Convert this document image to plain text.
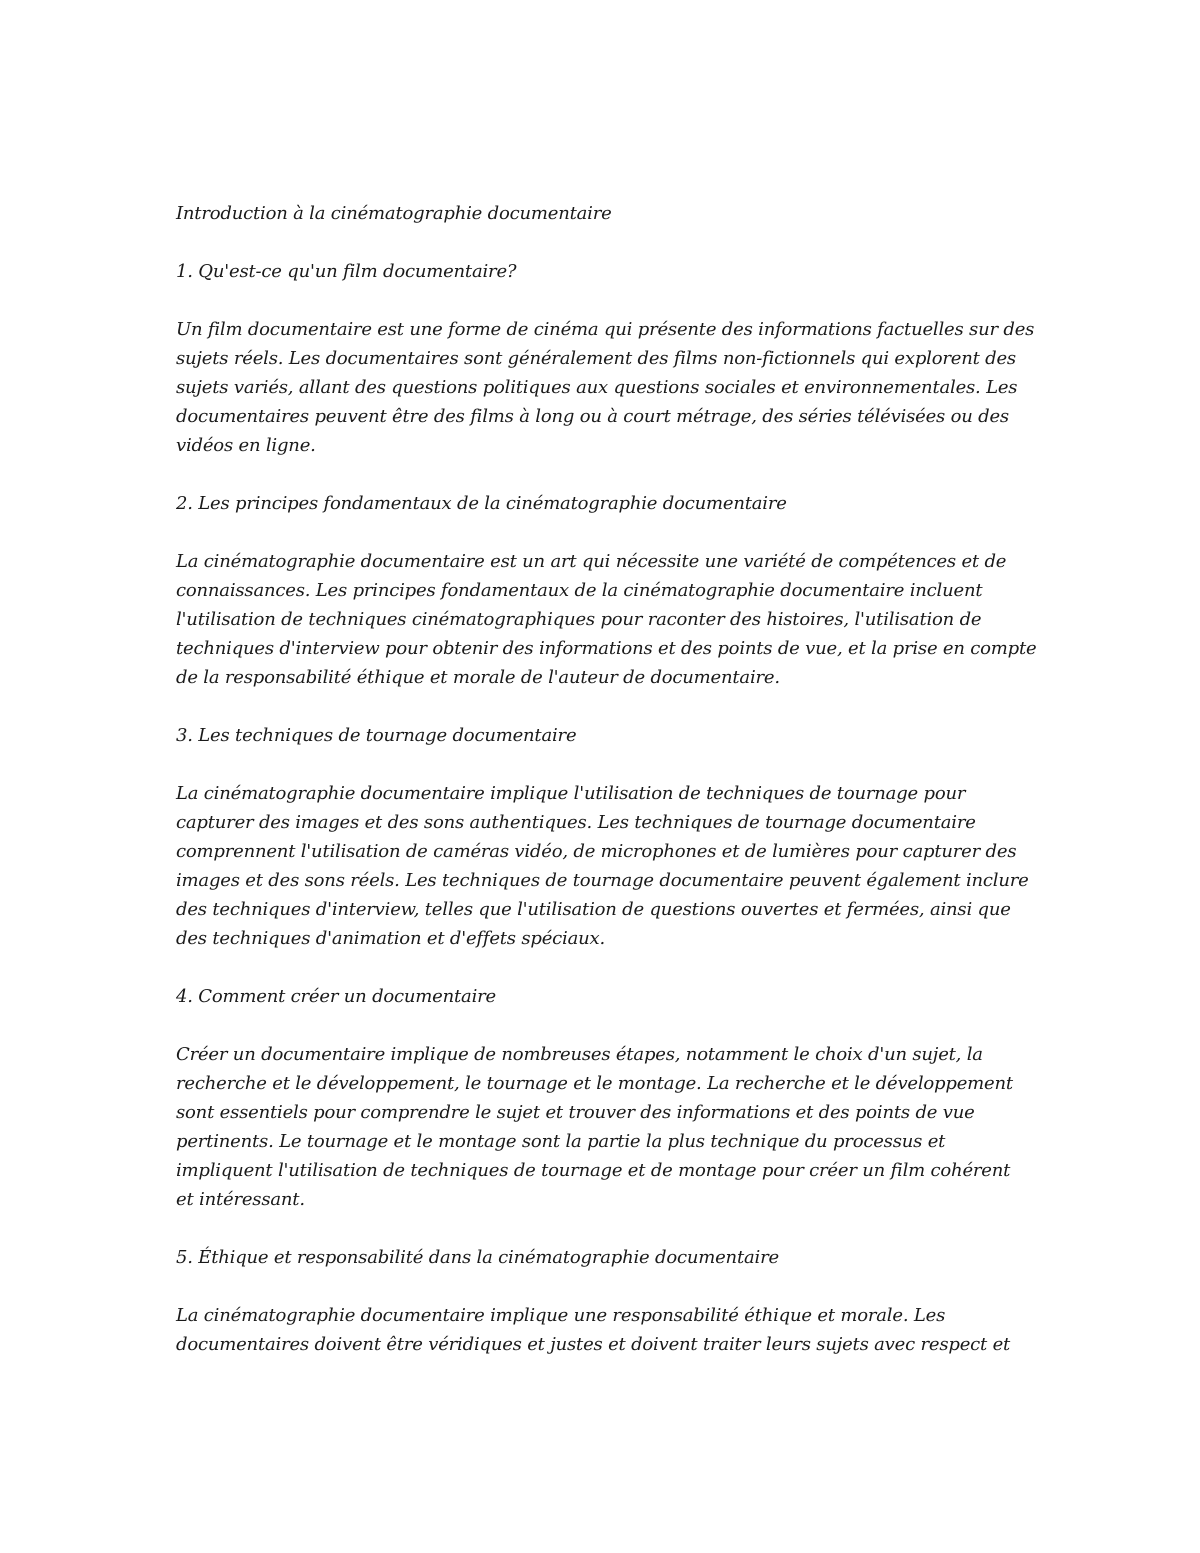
Introduction à la cinématographie documentaire
1. Qu'est-ce qu'un film documentaire?
Un film documentaire est une forme de cinéma qui présente des informations factuelles sur des
sujets réels. Les documentaires sont généralement des films non-fictionnels qui explorent des
sujets variés, allant des questions politiques aux questions sociales et environnementales. Les
documentaires peuvent être des films à long ou à court métrage, des séries télévisées ou des
vidéos en ligne.
2. Les principes fondamentaux de la cinématographie documentaire
La cinématographie documentaire est un art qui nécessite une variété de compétences et de
connaissances. Les principes fondamentaux de la cinématographie documentaire incluent
l'utilisation de techniques cinématographiques pour raconter des histoires, l'utilisation de
techniques d'interview pour obtenir des informations et des points de vue, et la prise en compte
de la responsabilité éthique et morale de l'auteur de documentaire.
3. Les techniques de tournage documentaire
La cinématographie documentaire implique l'utilisation de techniques de tournage pour
capturer des images et des sons authentiques. Les techniques de tournage documentaire
comprennent l'utilisation de caméras vidéo, de microphones et de lumières pour capturer des
images et des sons réels. Les techniques de tournage documentaire peuvent également inclure
des techniques d'interview, telles que l'utilisation de questions ouvertes et fermées, ainsi que
des techniques d'animation et d'effets spéciaux.
4. Comment créer un documentaire
Créer un documentaire implique de nombreuses étapes, notamment le choix d'un sujet, la
recherche et le développement, le tournage et le montage. La recherche et le développement
sont essentiels pour comprendre le sujet et trouver des informations et des points de vue
pertinents. Le tournage et le montage sont la partie la plus technique du processus et
impliquent l'utilisation de techniques de tournage et de montage pour créer un film cohérent
et intéressant.
5. Éthique et responsabilité dans la cinématographie documentaire
La cinématographie documentaire implique une responsabilité éthique et morale. Les
documentaires doivent être véridiques et justes et doivent traiter leurs sujets avec respect et
